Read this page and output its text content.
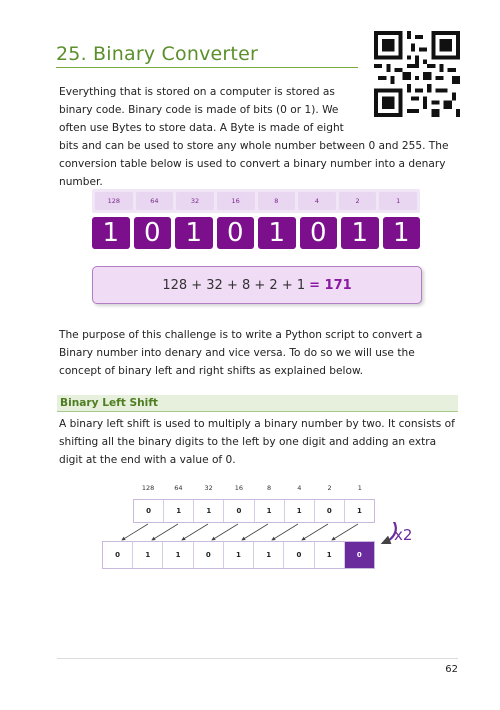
25. Binary Converter
Everything that is stored on a computer is stored as binary code. Binary code is made of bits (0 or 1). We often use Bytes to store data. A Byte is made of eight
bits and can be used to store any whole number between 0 and 255. The conversion table below is used to convert a binary number into a denary number.
128	64	32	16	8	4	2	1
1 0 1 0 1 0 1 1
128 + 32 + 8 + 2 + 1 = 171
The purpose of this challenge is to write a Python script to convert a Binary number into denary and vice versa. To do so we will use the concept of binary left and right shifts as explained below.
Binary Left Shift
A binary left shift is used to multiply a binary number by two. It consists of shifting all the binary digits to the left by one digit and adding an extra digit at the end with a value of 0.
128	64	32	16	8	4	2	1
0	1	1	0	1	1	0	1
x2
0	1	1	0	1	1	0	1	0
62
